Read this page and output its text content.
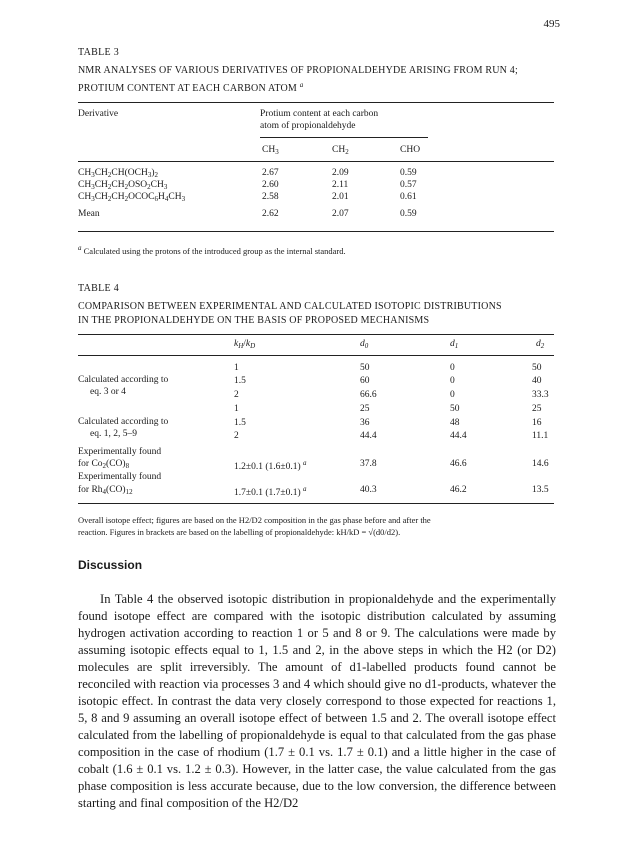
495
TABLE 3
NMR ANALYSES OF VARIOUS DERIVATIVES OF PROPIONALDEHYDE ARISING FROM RUN 4; PROTIUM CONTENT AT EACH CARBON ATOM $^a$
Derivative	Protium content at each carbon
atom of propionaldehyde
$CH_3$	$CH_2$	CHO
$CH_3CH_2CH(OCH_3)_2$	2.67	2.09	0.59
$CH_3CH_2CH_2OSO_2CH_3$	2.60	2.11	0.57
$CH_3CH_2CH_2OCOC_6H_4CH_3$	2.58	2.01	0.61
Mean	2.62	2.07	0.59
$^a$ Calculated using the protons of the introduced group as the internal standard.
TABLE 4
COMPARISON BETWEEN EXPERIMENTAL AND CALCULATED ISOTOPIC DISTRIBUTIONS
IN THE PROPIONALDEHYDE ON THE BASIS OF PROPOSED MECHANISMS
$k_H/k_D$	$d_0$	$d_1$	$d_2$
Calculated according to
eq. 3 or 4
1	50	0	50
1.5	60	0	40
2	66.6	0	33.3
Calculated according to
eq. 1, 2, 5–9
1	25	50	25
1.5	36	48	16
2	44.4	44.4	11.1
Experimentally found
for $Co_2(CO)_8$	1.2±0.1 (1.6±0.1) $^a$	37.8	46.6	14.6
Experimentally found
for $Rh_4(CO)_{12}$	1.7±0.1 (1.7±0.1) $^a$	40.3	46.2	13.5
Overall isotope effect; figures are based on the H2/D2 composition in the gas phase before and after the
reaction. Figures in brackets are based on the labelling of propionaldehyde: kH/kD = √(d0/d2).
Discussion

In Table 4 the observed isotopic distribution in propionaldehyde and the experimentally found isotope effect are compared with the isotopic distribution calculated by assuming hydrogen activation according to reaction 1 or 5 and 8 or 9. The calculations were made by assuming isotopic effects equal to 1, 1.5 and 2, in the above steps in which the H2 (or D2) molecules are split irreversibly. The amount of d1-labelled products found cannot be reconciled with reaction via processes 3 and 4 which should give no d1-products, whatever the isotopic effect. In contrast the data very closely correspond to those expected for reactions 1, 5, 8 and 9 assuming an overall isotope effect of between 1.5 and 2. The overall isotope effect calculated from the labelling of propionaldehyde is equal to that calculated from the gas phase composition in the case of rhodium (1.7 ± 0.1 vs. 1.7 ± 0.1) and a little higher in the case of cobalt (1.6 ± 0.1 vs. 1.2 ± 0.3). However, in the latter case, the value calculated from the gas phase composition is less accurate because, due to the low conversion, the difference between starting and final composition of the H2/D2
